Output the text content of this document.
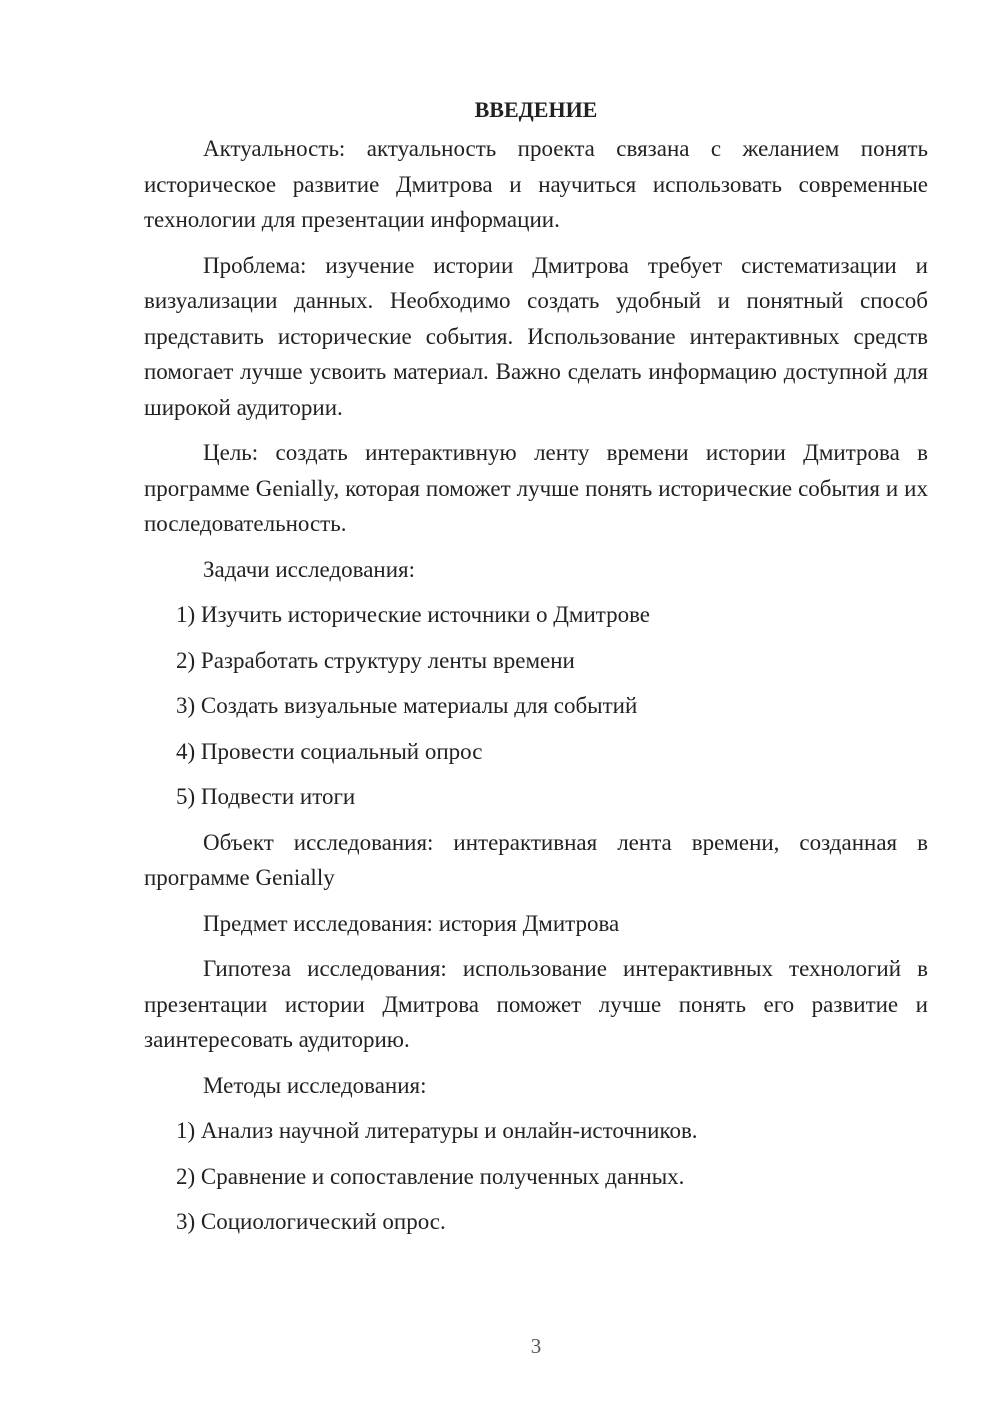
ВВЕДЕНИЕ

Актуальность: актуальность проекта связана с желанием понять историческое развитие Дмитрова и научиться использовать современные технологии для презентации информации.

Проблема: изучение истории Дмитрова требует систематизации и визуализации данных. Необходимо создать удобный и понятный способ представить исторические события. Использование интерактивных средств помогает лучше усвоить материал. Важно сделать информацию доступной для широкой аудитории.

Цель: создать интерактивную ленту времени истории Дмитрова в программе Genially, которая поможет лучше понять исторические события и их последовательность.

Задачи исследования:

1) Изучить исторические источники о Дмитрове
2) Разработать структуру ленты времени
3) Создать визуальные материалы для событий
4) Провести социальный опрос
5) Подвести итоги

Объект исследования: интерактивная лента времени, созданная в программе Genially

Предмет исследования: история Дмитрова

Гипотеза исследования: использование интерактивных технологий в презентации истории Дмитрова поможет лучше понять его развитие и заинтересовать аудиторию.

Методы исследования:

1) Анализ научной литературы и онлайн-источников.
2) Сравнение и сопоставление полученных данных.
3) Социологический опрос.
3
